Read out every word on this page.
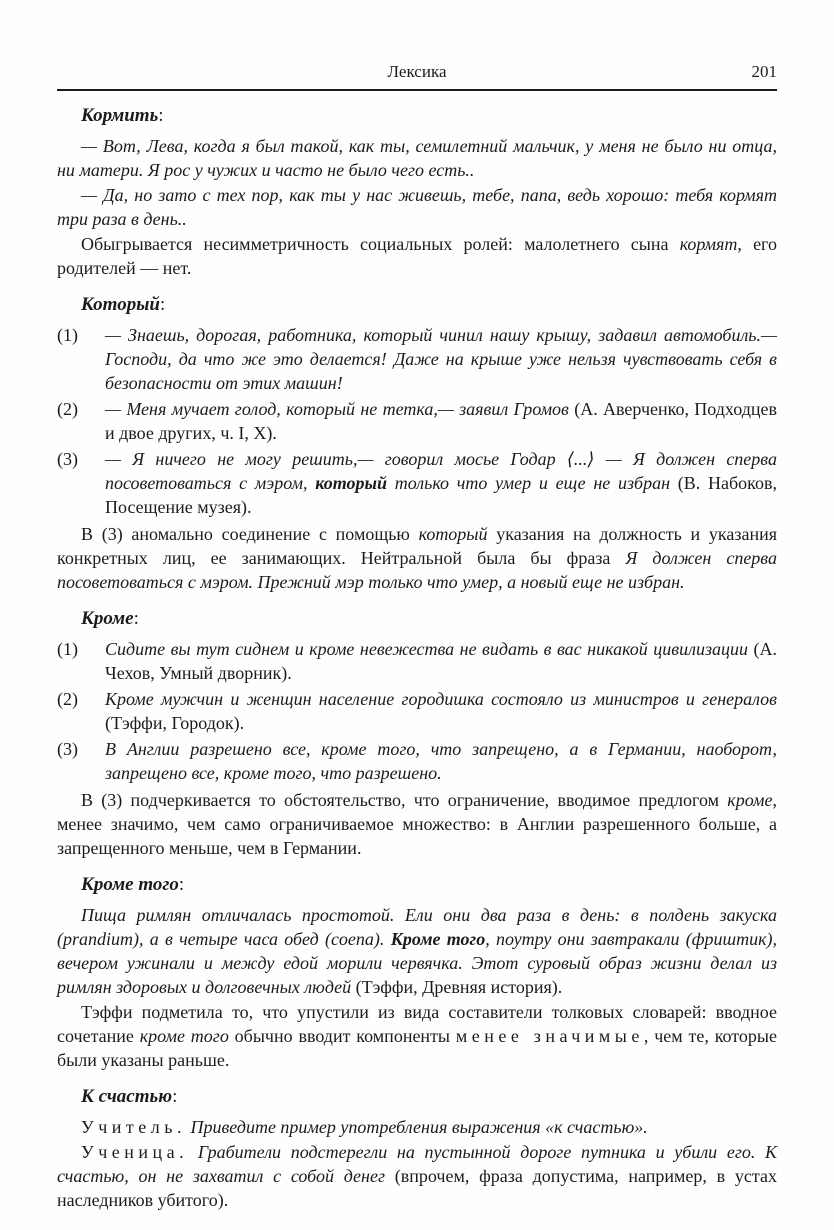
Лексика	201
Кормить:

— Вот, Лева, когда я был такой, как ты, семилетний мальчик, у меня не было ни отца, ни матери. Я рос у чужих и часто не было чего есть..

— Да, но зато с тех пор, как ты у нас живешь, тебе, папа, ведь хорошо: тебя кормят три раза в день..

Обыгрывается несимметричность социальных ролей: малолетнего сына кормят, его родителей — нет.

Который:
(1)	— Знаешь, дорогая, работника, который чинил нашу крышу, задавил автомобиль.— Господи, да что же это делается! Даже на крыше уже нельзя чувствовать себя в безопасности от этих машин!

(2)	— Меня мучает голод, который не тетка,— заявил Громов (А. Аверченко, Подходцев и двое других, ч. I, X).

(3)	— Я ничего не могу решить,— говорил мосье Годар ⟨...⟩ — Я должен сперва посоветоваться с мэром, который только что умер и еще не избран (В. Набоков, Посещение музея).

В (3) аномально соединение с помощью который указания на должность и указания конкретных лиц, ее занимающих. Нейтральной была бы фраза Я должен сперва посоветоваться с мэром. Прежний мэр только что умер, а новый еще не избран.

Кроме:
(1)	Сидите вы тут сиднем и кроме невежества не видать в вас никакой цивилизации (А. Чехов, Умный дворник).

(2)	Кроме мужчин и женщин население городишка состояло из министров и генералов (Тэффи, Городок).

(3)	В Англии разрешено все, кроме того, что запрещено, а в Германии, наоборот, запрещено все, кроме того, что разрешено.

В (3) подчеркивается то обстоятельство, что ограничение, вводимое предлогом кроме, менее значимо, чем само ограничиваемое множество: в Англии разрешенного больше, а запрещенного меньше, чем в Германии.

Кроме того:

Пища римлян отличалась простотой. Ели они два раза в день: в полдень закуска (prandium), а в четыре часа обед (coena). Кроме того, поутру они завтракали (фриштик), вечером ужинали и между едой морили червячка. Этот суровый образ жизни делал из римлян здоровых и долговечных людей (Тэффи, Древняя история).

Тэффи подметила то, что упустили из вида составители толковых словарей: вводное сочетание кроме того обычно вводит компоненты менее значимые, чем те, которые были указаны раньше.

К счастью:

Учитель. Приведите пример употребления выражения «к счастью».

Ученица. Грабители подстерегли на пустынной дороге путника и убили его. К счастью, он не захватил с собой денег (впрочем, фраза допустима, например, в устах наследников убитого).
